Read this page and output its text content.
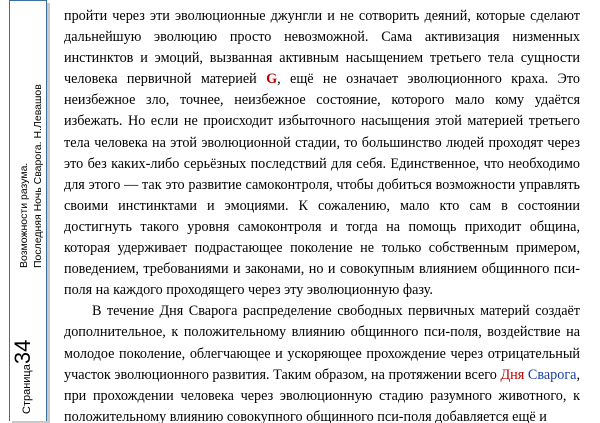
Возможности разума. Последняя Ночь Сварога. Н.Левашов
Страница
34

пройти через эти эволюционные джунгли и не сотворить деяний, которые сделают дальнейшую эволюцию просто невозможной. Сама активизация низменных инстинктов и эмоций, вызванная активным насыщением третьего тела сущности человека первичной материей G, ещё не означает эволюционного краха. Это неизбежное зло, точнее, неизбежное состояние, которого мало кому удаётся избежать. Но если не происходит избыточного насыщения этой материей третьего тела человека на этой эволюционной стадии, то большинство людей проходят через это без каких-либо серьёзных последствий для себя. Единственное, что необходимо для этого — так это развитие самоконтроля, чтобы добиться возможности управлять своими инстинктами и эмоциями. К сожалению, мало кто сам в состоянии достигнуть такого уровня самоконтроля и тогда на помощь приходит община, которая удерживает подрастающее поколение не только собственным примером, поведением, требованиями и законами, но и совокупным влиянием общинного пси-поля на каждого проходящего через эту эволюционную фазу.

В течение Дня Сварога распределение свободных первичных материй создаёт дополнительное, к положительному влиянию общинного пси-поля, воздействие на молодое поколение, облегчающее и ускоряющее прохождение через отрицательный участок эволюционного развития. Таким образом, на протяжении всего Дня Сварога, при прохождении человека через эволюционную стадию разумного животного, к положительному влиянию совокупного общинного пси-поля добавляется ещё и
